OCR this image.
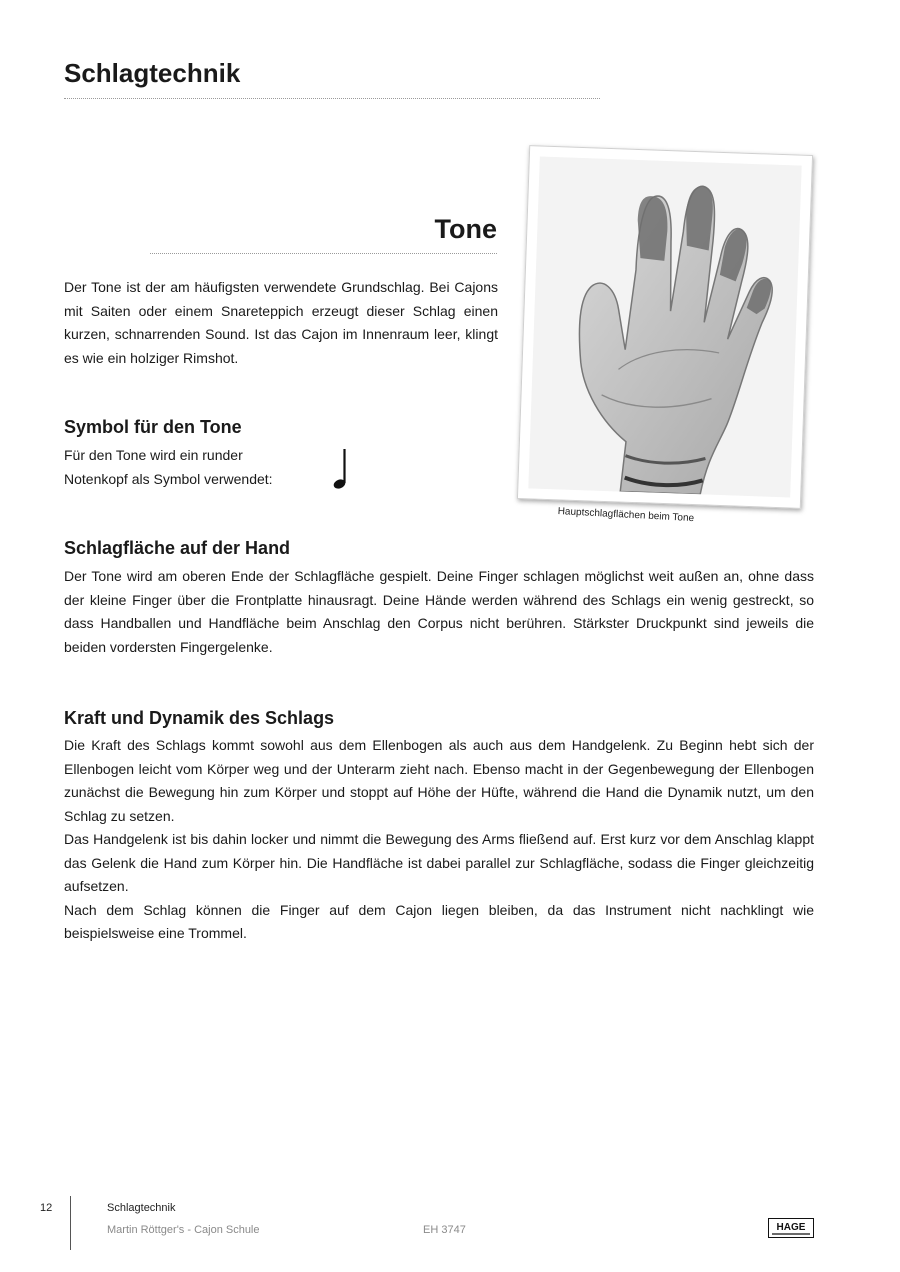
Schlagtechnik
Tone

Der Tone ist der am häufigsten verwendete Grundschlag. Bei Cajons mit Saiten oder einem Snareteppich erzeugt dieser Schlag einen kurzen, schnarrenden Sound. Ist das Cajon im Innenraum leer, klingt es wie ein holziger Rimshot.

Symbol für den Tone

Für den Tone wird ein runder
Notenkopf als Symbol verwendet:

Hauptschlagflächen beim Tone
Schlagfläche auf der Hand

Der Tone wird am oberen Ende der Schlagfläche gespielt. Deine Finger schlagen möglichst weit außen an, ohne dass der kleine Finger über die Frontplatte hinausragt. Deine Hände werden während des Schlags ein wenig gestreckt, so dass Handballen und Handfläche beim Anschlag den Corpus nicht berühren. Stärkster Druckpunkt sind jeweils die beiden vordersten Fingergelenke.

Kraft und Dynamik des Schlags
Die Kraft des Schlags kommt sowohl aus dem Ellenbogen als auch aus dem Handgelenk. Zu Beginn hebt sich der Ellenbogen leicht vom Körper weg und der Unterarm zieht nach. Ebenso macht in der Gegenbewegung der Ellenbogen zunächst die Bewegung hin zum Körper und stoppt auf Höhe der Hüfte, während die Hand die Dynamik nutzt, um den Schlag zu setzen.
Das Handgelenk ist bis dahin locker und nimmt die Bewegung des Arms fließend auf. Erst kurz vor dem Anschlag klappt das Gelenk die Hand zum Körper hin. Die Handfläche ist dabei parallel zur Schlagfläche, sodass die Finger gleichzeitig aufsetzen.
Nach dem Schlag können die Finger auf dem Cajon liegen bleiben, da das Instrument nicht nachklingt wie beispielsweise eine Trommel.
12	Schlagtechnik
Martin Röttger's - Cajon Schule	EH 3747	HAGE
